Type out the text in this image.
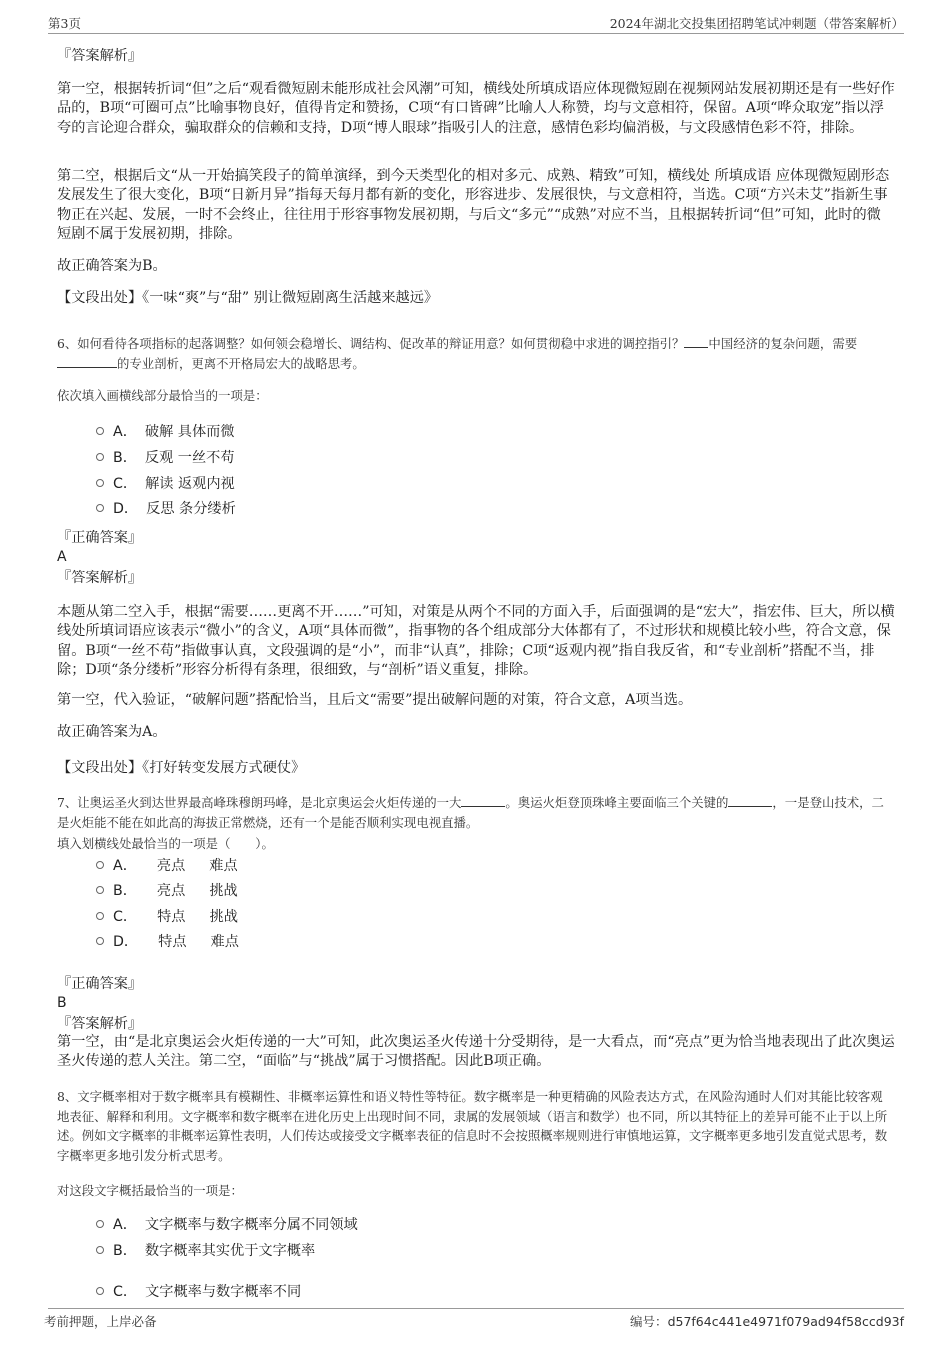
第3页	2024年湖北交投集团招聘笔试冲刺题（带答案解析）
『答案解析』

第一空，根据转折词“但”之后“观看微短剧未能形成社会风潮”可知，横线处所填成语应体现微短剧在视频网站发展初期还是有一些好作品的，B项“可圈可点”比喻事物良好，值得肯定和赞扬，C项“有口皆碑”比喻人人称赞，均与文意相符，保留。A项“哗众取宠”指以浮夸的言论迎合群众，骗取群众的信赖和支持，D项“博人眼球”指吸引人的注意，感情色彩均偏消极，与文段感情色彩不符，排除。

第二空，根据后文“从一开始搞笑段子的简单演绎，到今天类型化的相对多元、成熟、精致”可知，横线处 所填成语 应体现微短剧形态发展发生了很大变化，B项“日新月异”指每天每月都有新的变化，形容进步、发展很快，与文意相符，当选。C项“方兴未艾”指新生事物正在兴起、发展，一时不会终止，往往用于形容事物发展初期，与后文“多元”“成熟”对应不当，且根据转折词“但”可知，此时的微短剧不属于发展初期，排除。

故正确答案为B。

【文段出处】《一味“爽”与“甜” 别让微短剧离生活越来越远》

6、如何看待各项指标的起落调整？如何领会稳增长、调结构、促改革的辩证用意？如何贯彻稳中求进的调控指引？ 中国经济的复杂问题，需要的专业剖析，更离不开格局宏大的战略思考。
依次填入画横线部分最恰当的一项是：
A． 破解 具体而微
B． 反观 一丝不苟
C． 解读 返观内视
D． 反思 条分缕析
『正确答案』
A
『答案解析』

本题从第二空入手，根据“需要……更离不开……”可知，对策是从两个不同的方面入手，后面强调的是“宏大”，指宏伟、巨大，所以横线处所填词语应该表示“微小”的含义，A项“具体而微”，指事物的各个组成部分大体都有了，不过形状和规模比较小些，符合文意，保留。B项“一丝不苟”指做事认真，文段强调的是“小”，而非“认真”，排除；C项“返观内视”指自我反省，和“专业剖析”搭配不当，排除；D项“条分缕析”形容分析得有条理，很细致，与“剖析”语义重复，排除。

第一空，代入验证，“破解问题”搭配恰当，且后文“需要”提出破解问题的对策，符合文意，A项当选。

故正确答案为A。

【文段出处】《打好转变发展方式硬仗》

7、让奥运圣火到达世界最高峰珠穆朗玛峰，是北京奥运会火炬传递的一大	。奥运火炬登顶珠峰主要面临三个关键的	，一是登山技术，二是火炬能不能在如此高的海拔正常燃烧，还有一个是能否顺利实现电视直播。
填入划横线处最恰当的一项是（　　）。
A． 亮点 难点
B． 亮点 挑战
C． 特点 挑战
D． 特点 难点
『正确答案』
B
『答案解析』

第一空，由“是北京奥运会火炬传递的一大”可知，此次奥运圣火传递十分受期待，是一大看点，而“亮点”更为恰当地表现出了此次奥运圣火传递的惹人关注。第二空，“面临”与“挑战”属于习惯搭配。因此B项正确。

8、文字概率相对于数字概率具有模糊性、非概率运算性和语义特性等特征。数字概率是一种更精确的风险表达方式，在风险沟通时人们对其能比较客观地表征、解释和利用。文字概率和数字概率在进化历史上出现时间不同，隶属的发展领域（语言和数学）也不同，所以其特征上的差异可能不止于以上所述。例如文字概率的非概率运算性表明，人们传达或接受文字概率表征的信息时不会按照概率规则进行审慎地运算，文字概率更多地引发直觉式思考，数字概率更多地引发分析式思考。
对这段文字概括最恰当的一项是：
A． 文字概率与数字概率分属不同领域
B． 数字概率其实优于文字概率
C． 文字概率与数字概率不同
考前押题，上岸必备	编号：d57f64c441e4971f079ad94f58ccd93f
